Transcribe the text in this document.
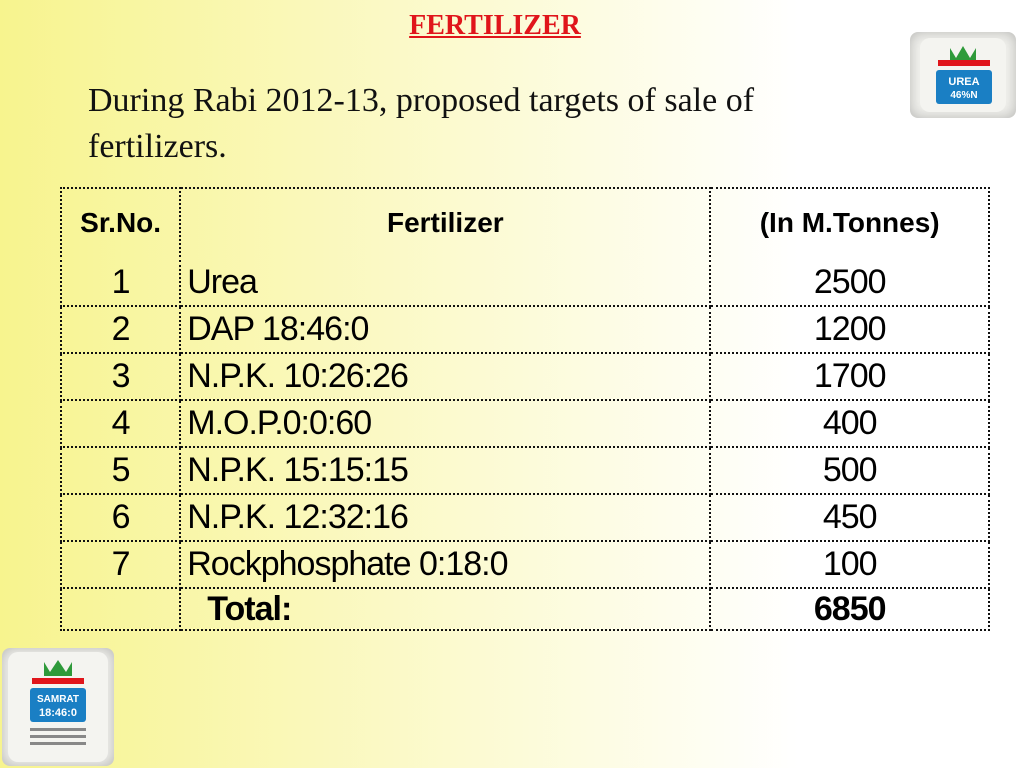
FERTILIZER
During Rabi 2012-13, proposed targets of sale of fertilizers.
UREA
46%N
SAMRAT
18:46:0
Sr.No.	Fertilizer	(In M.Tonnes)
1	Urea	2500
2	DAP 18:46:0	1200
3	N.P.K. 10:26:26	1700
4	M.O.P.0:0:60	400
5	N.P.K. 15:15:15	500
6	N.P.K. 12:32:16	450
7	Rockphosphate 0:18:0	100
	Total:	6850
